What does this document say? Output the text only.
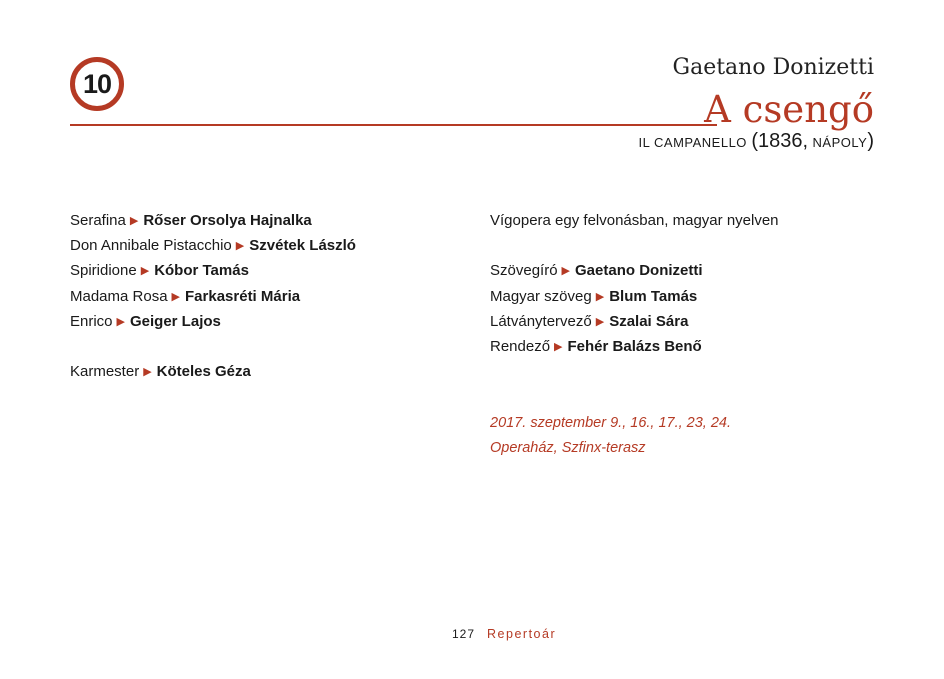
10
Gaetano Donizetti
A csengő
IL CAMPANELLO (1836, NÁPOLY)
Serafina ▶ Rőser Orsolya Hajnalka
Don Annibale Pistacchio ▶ Szvétek László
Spiridione ▶ Kóbor Tamás
Madama Rosa ▶ Farkasréti Mária
Enrico ▶ Geiger Lajos
Karmester ▶ Köteles Géza
Vígopera egy felvonásban, magyar nyelven
Szövegíró ▶ Gaetano Donizetti
Magyar szöveg ▶ Blum Tamás
Látványtervező ▶ Szalai Sára
Rendező ▶ Fehér Balázs Benő
2017. szeptember 9., 16., 17., 23, 24.
Operaház, Szfinx-terasz
127 Repertoár
